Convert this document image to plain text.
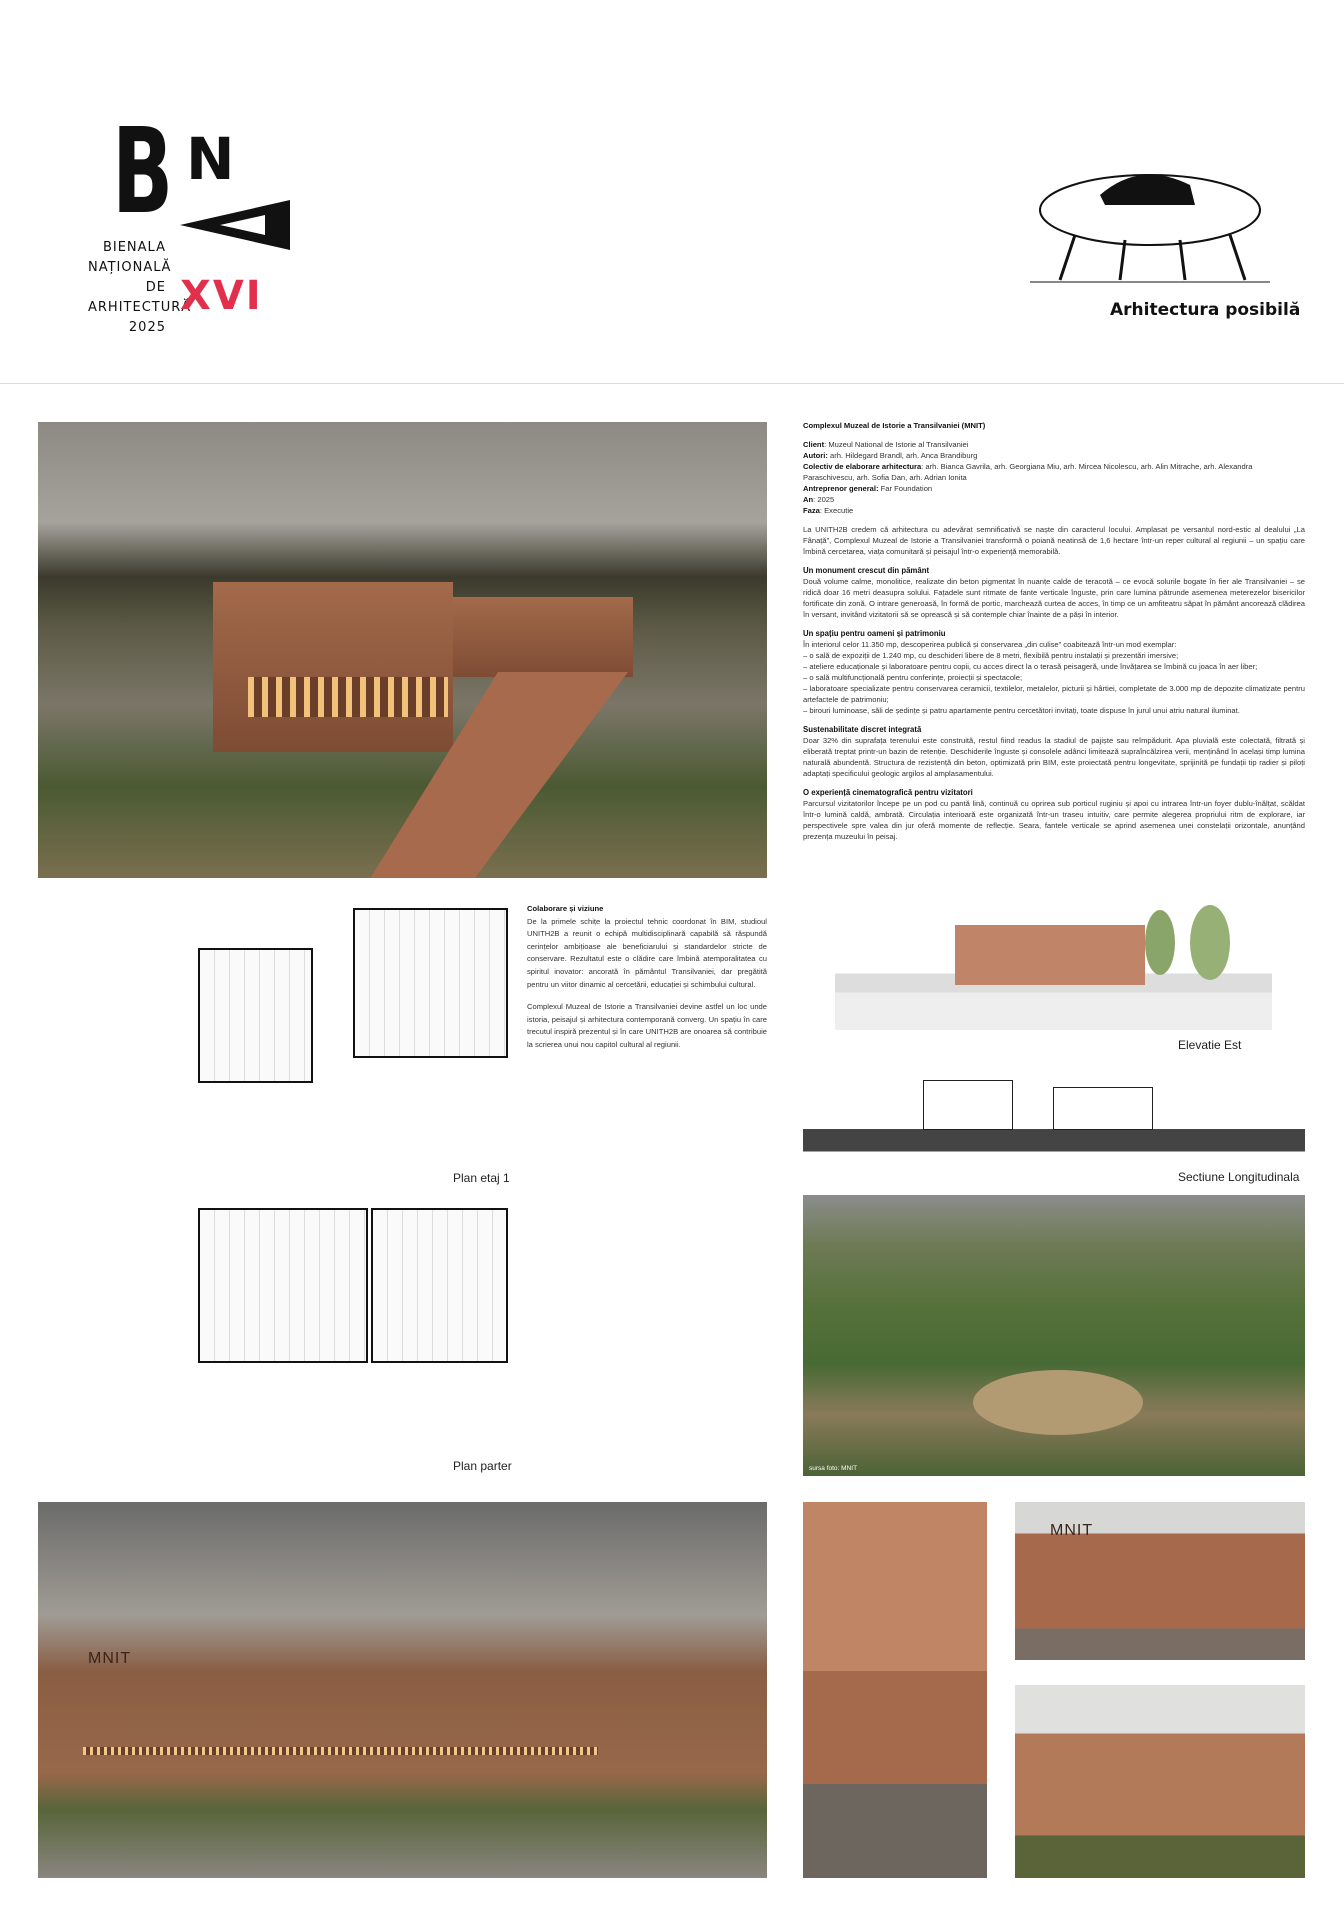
B N
BIENALA
NAȚIONALĂ
DE
ARHITECTURĂ
2025
XVI	Arhitectura posibilă

Complexul Muzeal de Istorie a Transilvaniei (MNIT)

Client: Muzeul National de Istorie al Transilvaniei

Autori: arh. Hildegard Brandl, arh. Anca Brandiburg

Colectiv de elaborare arhitectura: arh. Bianca Gavrila, arh. Georgiana Miu, arh. Mircea Nicolescu, arh. Alin Mitrache, arh. Alexandra Paraschivescu, arh. Sofia Dan, arh. Adrian Ionita

Antreprenor general: Far Foundation

An: 2025

Faza: Executie

La UNITH2B credem că arhitectura cu adevărat semnificativă se naște din caracterul locului. Amplasat pe versantul nord-estic al dealului „La Fânață”, Complexul Muzeal de Istorie a Transilvaniei transformă o poiană neatinsă de 1,6 hectare într-un reper cultural al regiunii – un spațiu care îmbină cercetarea, viața comunitară și peisajul într-o experiență memorabilă.

Un monument crescut din pământ

Două volume calme, monolitice, realizate din beton pigmentat în nuanțe calde de teracotă – ce evocă solurile bogate în fier ale Transilvaniei – se ridică doar 16 metri deasupra solului. Fațadele sunt ritmate de fante verticale înguste, prin care lumina pătrunde asemenea meterezelor bisericilor fortificate din zonă. O intrare generoasă, în formă de portic, marchează curtea de acces, în timp ce un amfiteatru săpat în pământ ancorează clădirea în versant, invitând vizitatorii să se oprească și să contemple chiar înainte de a păși în interior.

Un spațiu pentru oameni și patrimoniu

În interiorul celor 11.350 mp, descoperirea publică și conservarea „din culise” coabitează într-un mod exemplar:

– o sală de expoziții de 1.240 mp, cu deschideri libere de 8 metri, flexibilă pentru instalații și prezentări imersive;

– ateliere educaționale și laboratoare pentru copii, cu acces direct la o terasă peisageră, unde învățarea se îmbină cu joaca în aer liber;

– o sală multifuncțională pentru conferințe, proiecții și spectacole;

– laboratoare specializate pentru conservarea ceramicii, textilelor, metalelor, picturii și hârtiei, completate de 3.000 mp de depozite climatizate pentru artefactele de patrimoniu;

– birouri luminoase, săli de ședințe și patru apartamente pentru cercetători invitați, toate dispuse în jurul unui atriu natural iluminat.

Sustenabilitate discret integrată

Doar 32% din suprafața terenului este construită, restul fiind readus la stadiul de pajiște sau reîmpădurit. Apa pluvială este colectată, filtrată și eliberată treptat printr-un bazin de retenție. Deschiderile înguste și consolele adânci limitează supraîncălzirea verii, menținând în același timp lumina naturală abundentă. Structura de rezistență din beton, optimizată prin BIM, este proiectată pentru longevitate, sprijinită pe fundații tip radier și piloți adaptați specificului geologic argilos al amplasamentului.

O experiență cinematografică pentru vizitatori

Parcursul vizitatorilor începe pe un pod cu pantă lină, continuă cu oprirea sub porticul ruginiu și apoi cu intrarea într-un foyer dublu-înălțat, scăldat într-o lumină caldă, ambrată. Circulația interioară este organizată într-un traseu intuitiv, care permite alegerea propriului ritm de explorare, iar perspectivele spre valea din jur oferă momente de reflecție. Seara, fantele verticale se aprind asemenea unei constelații orizontale, anunțând prezența muzeului în peisaj.

Plan etaj 1
Plan parter

Colaborare și viziune

De la primele schițe la proiectul tehnic coordonat în BIM, studioul UNITH2B a reunit o echipă multidisciplinară capabilă să răspundă cerințelor ambițioase ale beneficiarului și standardelor stricte de conservare. Rezultatul este o clădire care îmbină atemporalitatea cu spiritul inovator: ancorată în pământul Transilvaniei, dar pregătită pentru un viitor dinamic al cercetării, educației și schimbului cultural.

Complexul Muzeal de Istorie a Transilvaniei devine astfel un loc unde istoria, peisajul și arhitectura contemporană converg. Un spațiu în care trecutul inspiră prezentul și în care UNITH2B are onoarea să contribuie la scrierea unui nou capitol cultural al regiunii.	Elevatie Est
Sectiune Longitudinala
sursa foto: MNIT
MNIT
MNIT
